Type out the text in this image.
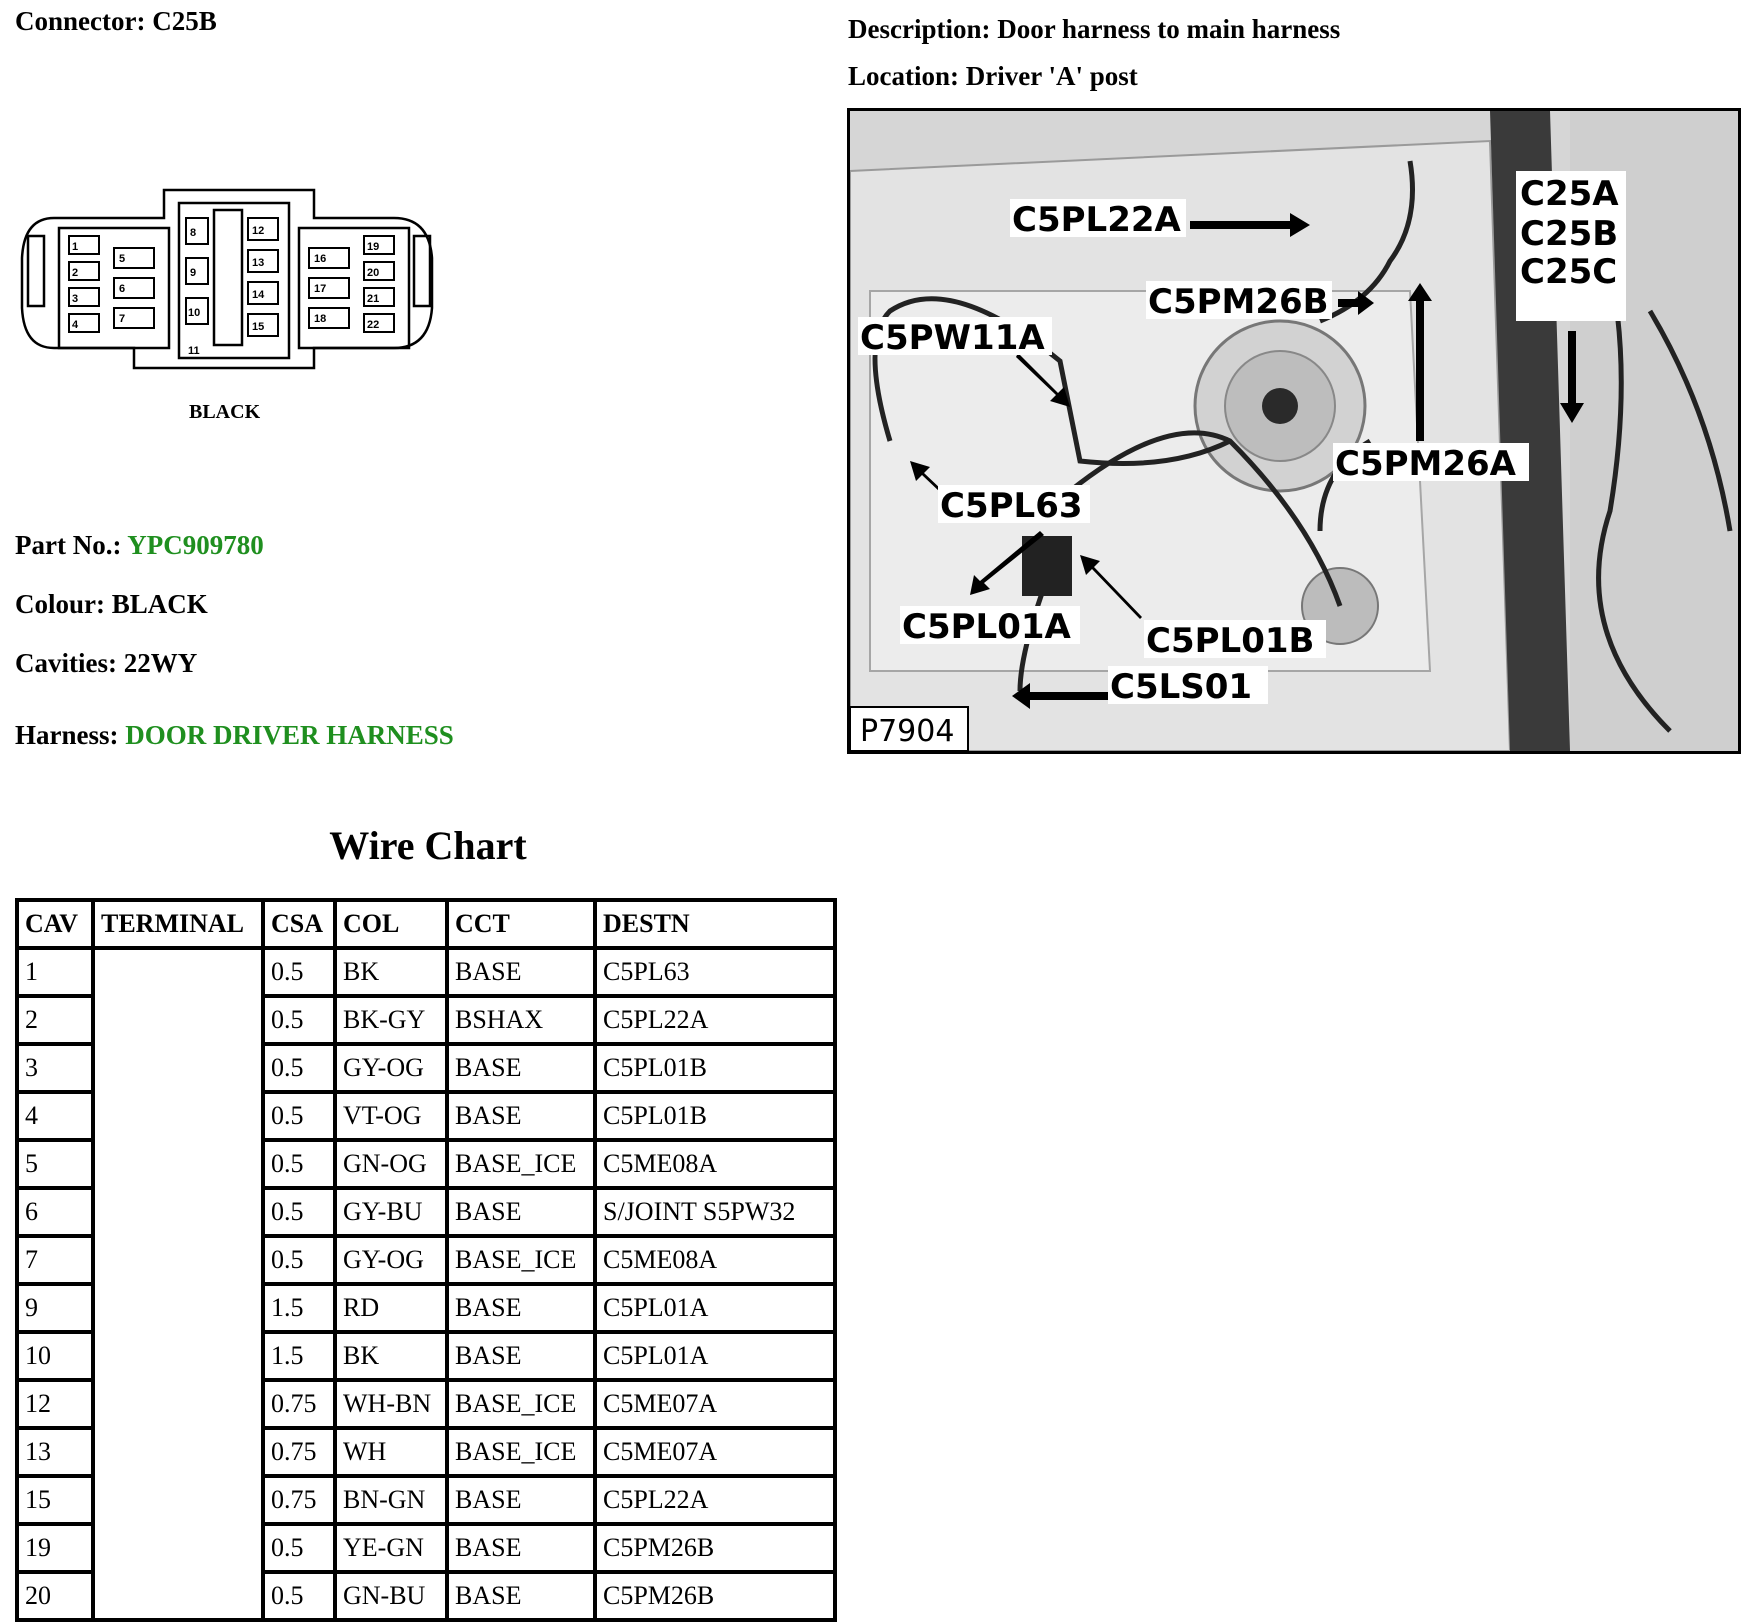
Connector: C25B	Description: Door harness to main harness
Location: Driver 'A' post
1
2
3
4
5
6
7
8
9
10
11
12
13
14
15
16
17
18
19
20
21
22
BLACK
Part No.: YPC909780
Colour: BLACK
Cavities: 22WY
Harness: DOOR DRIVER HARNESS
C5PL22A
C5PM26B
C5PW11A
C5PL63
C5PM26A
C5PL01A C5PL01B
C5LS01
C25A
C25B
C25C
P7904
Wire Chart
CAV	TERMINAL	CSA	COL	CCT	DESTN
1		0.5	BK	BASE	C5PL63
2		0.5	BK-GY	BSHAX	C5PL22A
3		0.5	GY-OG	BASE	C5PL01B
4		0.5	VT-OG	BASE	C5PL01B
5		0.5	GN-OG	BASE_ICE	C5ME08A
6		0.5	GY-BU	BASE	S/JOINT S5PW32
7		0.5	GY-OG	BASE_ICE	C5ME08A
9		1.5	RD	BASE	C5PL01A
10		1.5	BK	BASE	C5PL01A
12		0.75	WH-BN	BASE_ICE	C5ME07A
13		0.75	WH	BASE_ICE	C5ME07A
15		0.75	BN-GN	BASE	C5PL22A
19		0.5	YE-GN	BASE	C5PM26B
20		0.5	GN-BU	BASE	C5PM26B
